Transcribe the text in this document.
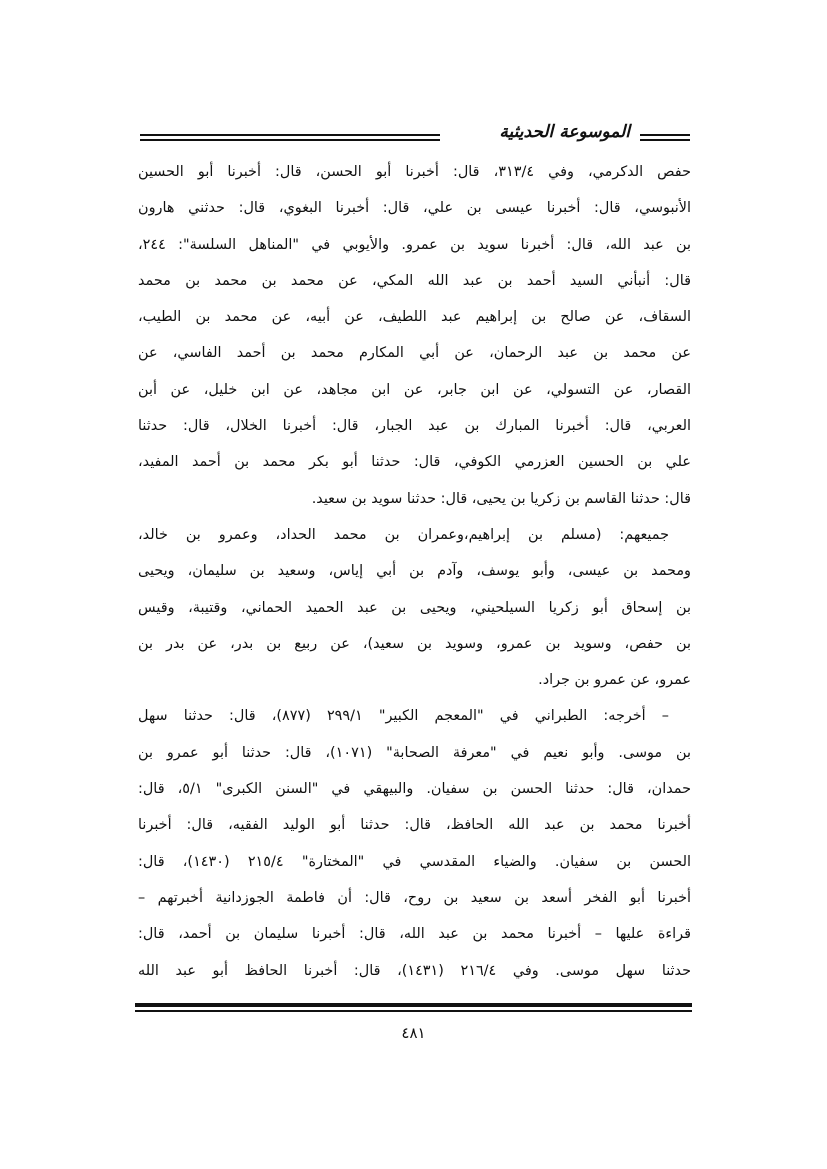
الموسوعة الحديثية
حفص الدكرمي، وفي ٣١٣/٤، قال: أخبرنا أبو الحسن، قال: أخبرنا أبو الحسين
الأنبوسي، قال: أخبرنا عيسى بن علي، قال: أخبرنا البغوي، قال: حدثني هارون
بن عبد الله، قال: أخبرنا سويد بن عمرو. والأيوبي في "المناهل السلسة": ٢٤٤،
قال: أنبأني السيد أحمد بن عبد الله المكي، عن محمد بن محمد بن محمد
السقاف، عن صالح بن إبراهيم عبد اللطيف، عن أبيه، عن محمد بن الطيب،
عن محمد بن عبد الرحمان، عن أبي المكارم محمد بن أحمد الفاسي، عن
القصار، عن التسولي، عن ابن جابر، عن ابن مجاهد، عن ابن خليل، عن أبن
العربي، قال: أخبرنا المبارك بن عبد الجبار، قال: أخبرنا الخلال، قال: حدثنا
علي بن الحسين العزرمي الكوفي، قال: حدثنا أبو بكر محمد بن أحمد المفيد،
قال: حدثنا القاسم بن زكريا بن يحيى، قال: حدثنا سويد بن سعيد.
جميعهم: (مسلم بن إبراهيم،وعمران بن محمد الحداد، وعمرو بن خالد،
ومحمد بن عيسى، وأبو يوسف، وآدم بن أبي إياس، وسعيد بن سليمان، ويحيى
بن إسحاق أبو زكريا السيلحيني، ويحيى بن عبد الحميد الحماني، وقتيبة، وقيس
بن حفص، وسويد بن عمرو، وسويد بن سعيد)، عن ربيع بن بدر، عن بدر بن
عمرو، عن عمرو بن جراد.
– أخرجه: الطبراني في "المعجم الكبير" ٢٩٩/١ (٨٧٧)، قال: حدثنا سهل
بن موسى. وأبو نعيم في "معرفة الصحابة" (١٠٧١)، قال: حدثنا أبو عمرو بن
حمدان، قال: حدثنا الحسن بن سفيان. والبيهقي في "السنن الكبرى" ٥/١، قال:
أخبرنا محمد بن عبد الله الحافظ، قال: حدثنا أبو الوليد الفقيه، قال: أخبرنا
الحسن بن سفيان. والضياء المقدسي في "المختارة" ٢١٥/٤ (١٤٣٠)، قال:
أخبرنا أبو الفخر أسعد بن سعيد بن روح، قال: أن فاطمة الجوزدانية أخبرتهم –
قراءة عليها – أخبرنا محمد بن عبد الله، قال: أخبرنا سليمان بن أحمد، قال:
حدثنا سهل موسى. وفي ٢١٦/٤ (١٤٣١)، قال: أخبرنا الحافظ أبو عبد الله
٤٨١
